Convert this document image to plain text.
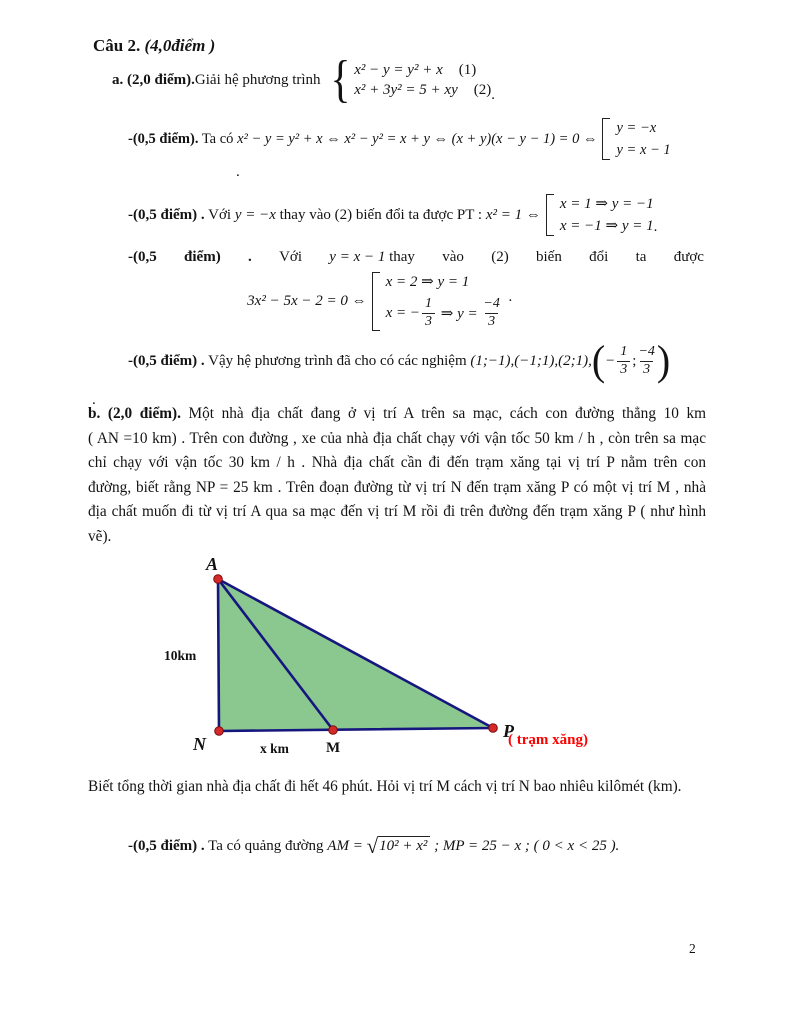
Câu 2. (4,0điểm )
a. (2,0 điểm). Giải hệ phương trình { x² − y = y² + x (1)
x² + 3y² = 5 + xy (2) .
-(0,5 điểm). Ta có x² − y = y² + x ⇔ x² − y² = x + y ⇔ (x + y)(x − y − 1) = 0 ⇔
y = −x
y = x − 1
.
-(0,5 điểm) . Với y = −x thay vào (2) biến đổi ta được PT : x² = 1 ⇔
x = 1 ⇒ y = −1
x = −1 ⇒ y = 1 .
-(0,5 điểm) . Với y = x − 1 thay vào (2) biến đổi ta được
3x² − 5x − 2 = 0 ⇔
x = 2 ⇒ y = 1
x = − $\frac{1}{3}$ ⇒ $y = \frac{-4}{3}$ ·
-(0,5 điểm) . Vậy hệ phương trình đã cho có các nghiệm (1;−1),(−1;1),(2;1), ( − $\frac{1}{3}$ ; $\frac{-4}{3}$ )
.
b. (2,0 điểm). Một nhà địa chất đang ở vị trí A trên sa mạc, cách con đường thẳng 10 km
( AN =10 km) . Trên con đường , xe của nhà địa chất chạy với vận tốc 50 km / h , còn trên sa mạc
chỉ chạy với vận tốc 30 km / h . Nhà địa chất cần đi đến trạm xăng tại vị trí P nằm trên con
đường, biết rằng NP = 25 km . Trên đoạn đường từ vị trí N đến trạm xăng P có một vị trí M , nhà
địa chất muốn đi từ vị trí A qua sa mạc đến vị trí M rồi đi trên đường đến trạm xăng P ( như hình
vẽ).
A
N	M
P
10km
x km
( trạm xăng)
Biết tổng thời gian nhà địa chất đi hết 46 phút. Hỏi vị trí M cách vị trí N bao nhiêu kilômét (km).
-(0,5 điểm) . Ta có quảng đường AM = √ 10² + x² ; MP = 25 − x ; ( 0 < x < 25 ).
2
